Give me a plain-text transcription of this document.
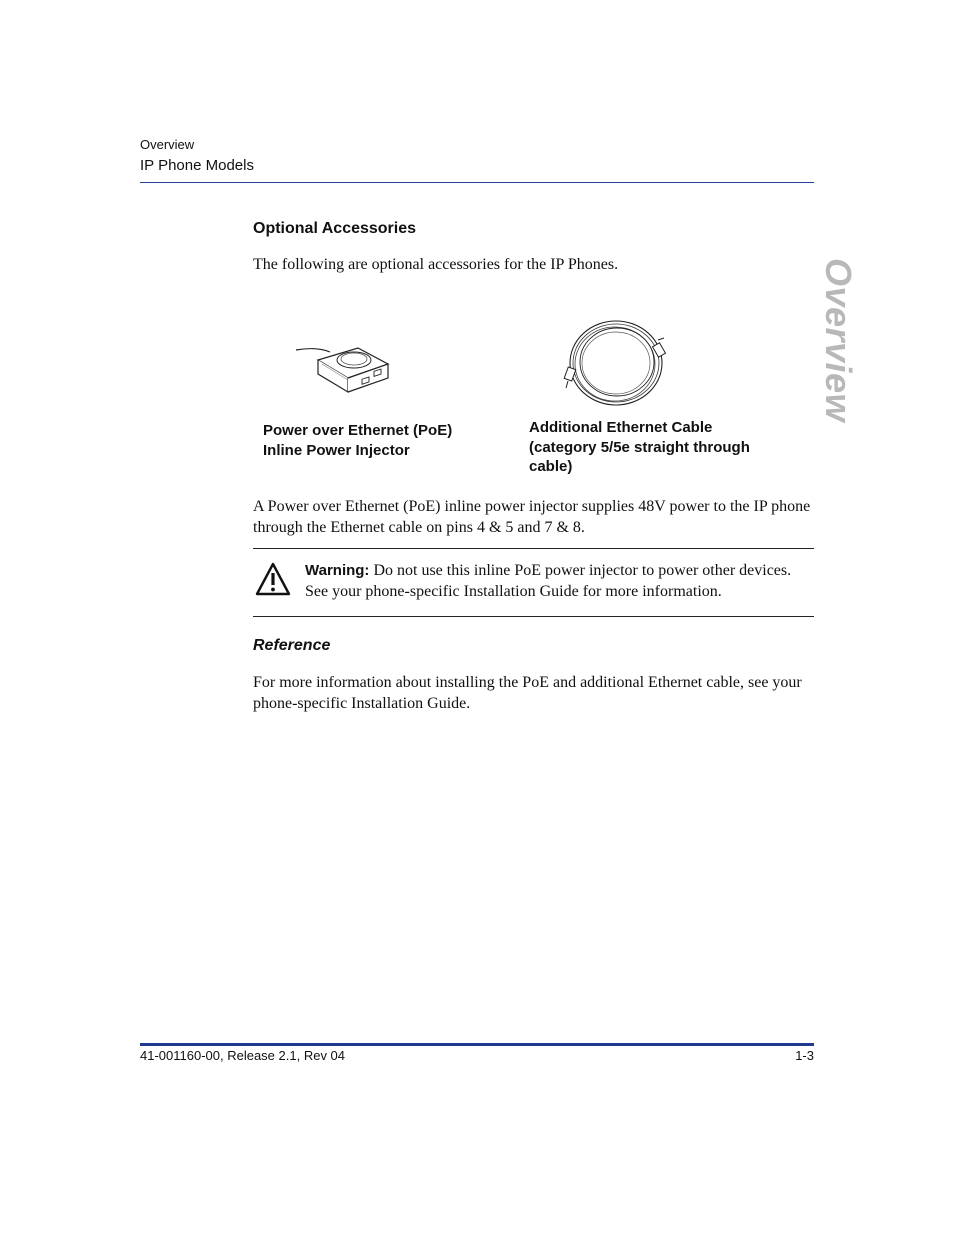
Overview
IP Phone Models
Overview
Optional Accessories
The following are optional accessories for the IP Phones.
Power over Ethernet (PoE)
Inline Power Injector
Additional Ethernet Cable
(category 5/5e straight through
cable)
A Power over Ethernet (PoE) inline power injector supplies 48V power to the IP phone through the Ethernet cable on pins 4 & 5 and 7 & 8.
Warning: Do not use this inline PoE power injector to power other devices. See your phone-specific Installation Guide for more information.
Reference
For more information about installing the PoE and additional Ethernet cable, see your phone-specific Installation Guide.
41-001160-00, Release 2.1, Rev 04	1-3
